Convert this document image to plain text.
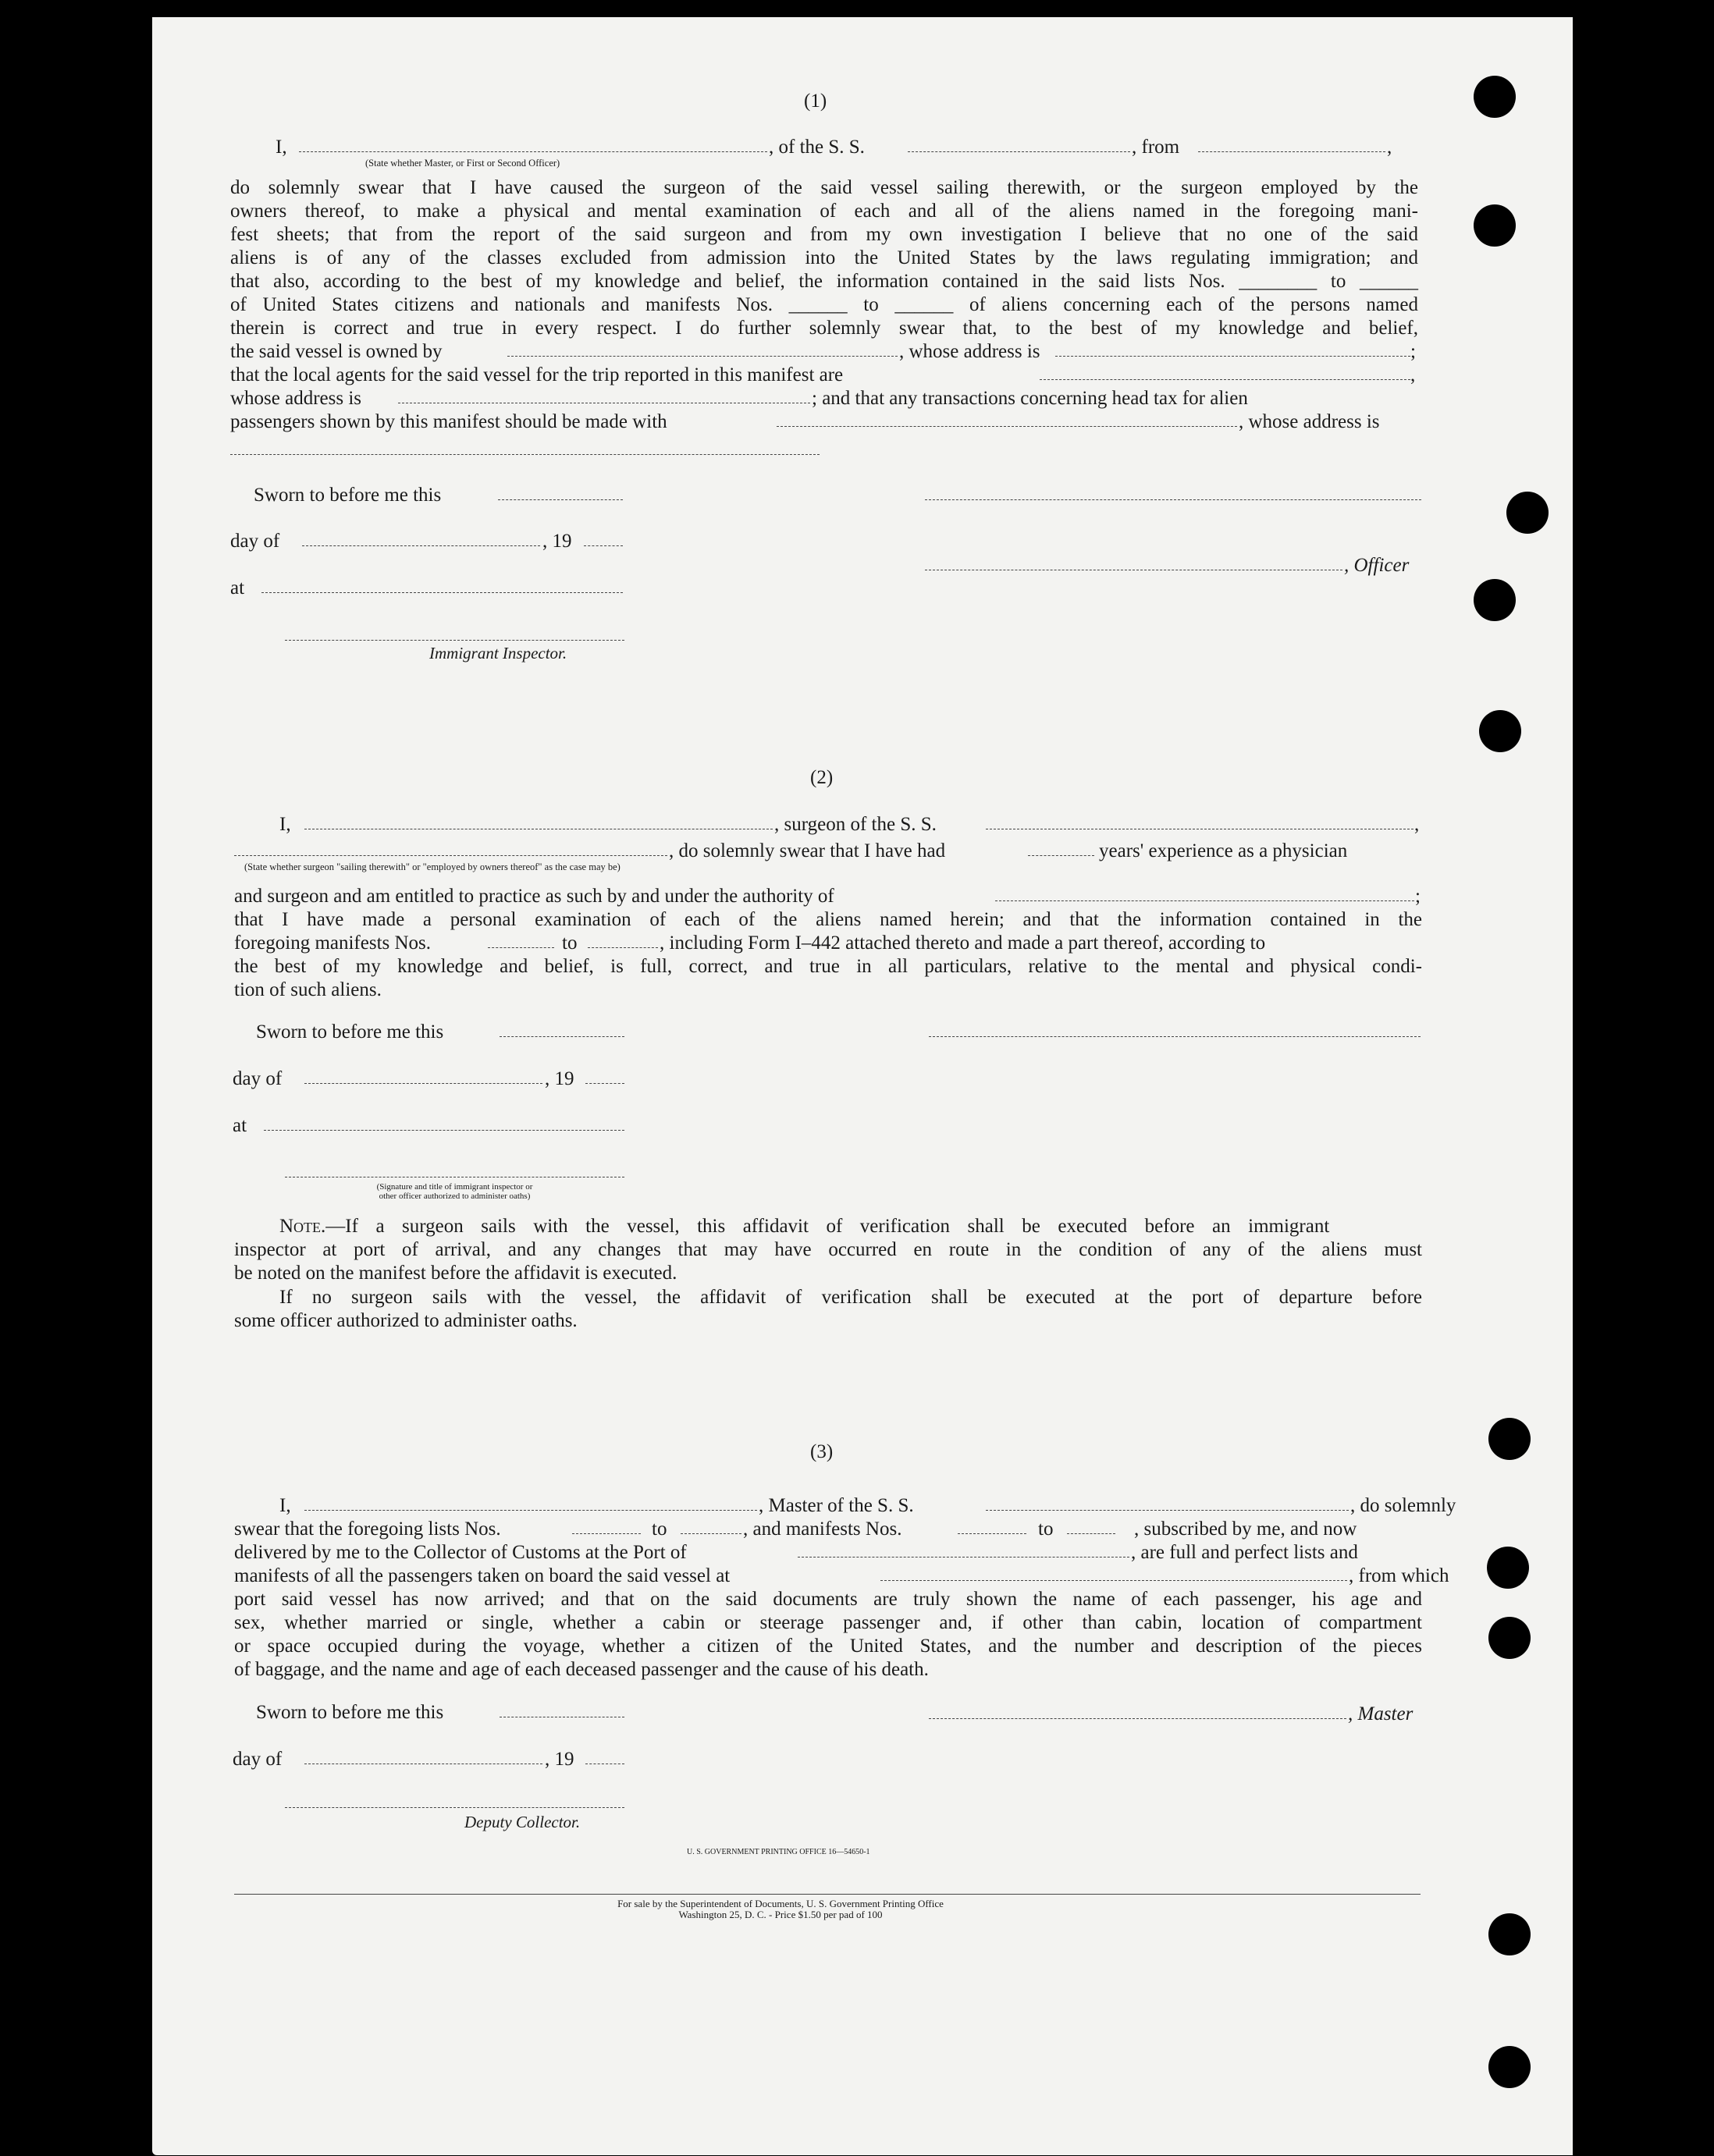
(1)
I,	, of the S. S.	, from	,
(State whether Master, or First or Second Officer)
do solemnly swear that I have caused the surgeon of the said vessel sailing therewith, or the surgeon employed by the
owners thereof, to make a physical and mental examination of each and all of the aliens named in the foregoing mani-
fest sheets; that from the report of the said surgeon and from my own investigation I believe that no one of the said
aliens is of any of the classes excluded from admission into the United States by the laws regulating immigration; and
that also, according to the best of my knowledge and belief, the information contained in the said lists Nos. ________ to ______
of United States citizens and nationals and manifests Nos. ______ to ______ of aliens concerning each of the persons named
therein is correct and true in every respect. I do further solemnly swear that, to the best of my knowledge and belief,
the said vessel is owned by	, whose address is	;
that the local agents for the said vessel for the trip reported in this manifest are	,
whose address is	; and that any transactions concerning head tax for alien
passengers shown by this manifest should be made with	, whose address is
Sworn to before me this
day of	, 19
, Officer
at
Immigrant Inspector.
(2)
I,	, surgeon of the S. S.	,
, do solemnly swear that I have had	years' experience as a physician
(State whether surgeon "sailing therewith" or "employed by owners thereof" as the case may be)
and surgeon and am entitled to practice as such by and under the authority of	;
that I have made a personal examination of each of the aliens named herein; and that the information contained in the
foregoing manifests Nos.	to	, including Form I–442 attached thereto and made a part thereof, according to
the best of my knowledge and belief, is full, correct, and true in all particulars, relative to the mental and physical condi-
tion of such aliens.
Sworn to before me this
day of	, 19
at
(Signature and title of immigrant inspector or
other officer authorized to administer oaths)
Note.—If a surgeon sails with the vessel, this affidavit of verification shall be executed before an immigrant
inspector at port of arrival, and any changes that may have occurred en route in the condition of any of the aliens must
be noted on the manifest before the affidavit is executed.
If no surgeon sails with the vessel, the affidavit of verification shall be executed at the port of departure before
some officer authorized to administer oaths.
(3)
I,	, Master of the S. S.	, do solemnly
swear that the foregoing lists Nos.	to	, and manifests Nos.	to	, subscribed by me, and now
delivered by me to the Collector of Customs at the Port of	, are full and perfect lists and
manifests of all the passengers taken on board the said vessel at	, from which
port said vessel has now arrived; and that on the said documents are truly shown the name of each passenger, his age and
sex, whether married or single, whether a cabin or steerage passenger and, if other than cabin, location of compartment
or space occupied during the voyage, whether a citizen of the United States, and the number and description of the pieces
of baggage, and the name and age of each deceased passenger and the cause of his death.
Sworn to before me this	, Master
day of	, 19
Deputy Collector.
U. S. GOVERNMENT PRINTING OFFICE 16—54650-1
For sale by the Superintendent of Documents, U. S. Government Printing Office
Washington 25, D. C. - Price $1.50 per pad of 100
